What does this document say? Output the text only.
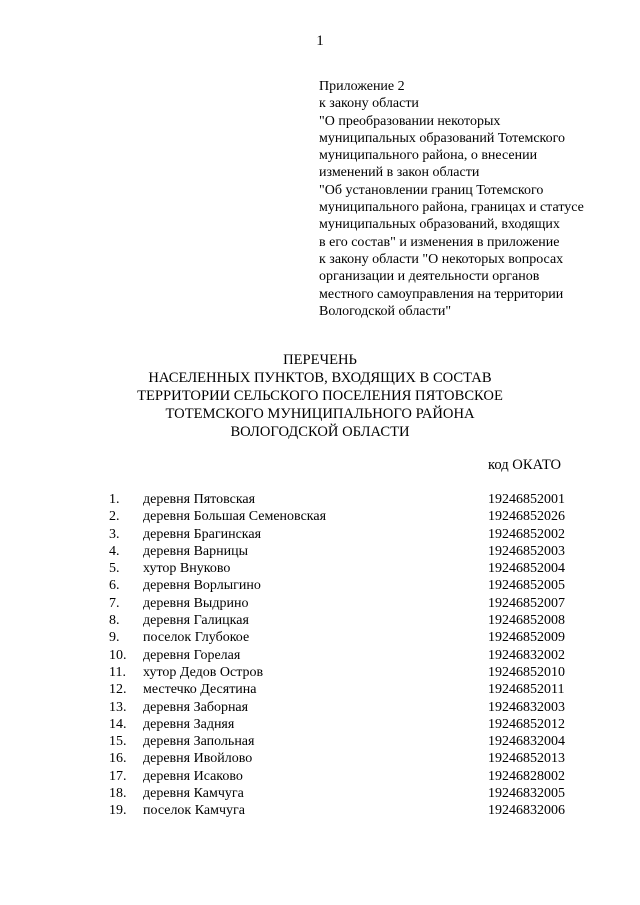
1
Приложение 2
к закону области
"О преобразовании некоторых
муниципальных образований Тотемского
муниципального района, о внесении
изменений в закон области
"Об установлении границ Тотемского
муниципального района, границах и статусе
муниципальных образований, входящих
в его состав" и изменения в приложение
к закону области "О некоторых вопросах
организации и деятельности органов
местного самоуправления на территории
Вологодской области"
ПЕРЕЧЕНЬ
НАСЕЛЕННЫХ ПУНКТОВ, ВХОДЯЩИХ В СОСТАВ
ТЕРРИТОРИИ СЕЛЬСКОГО ПОСЕЛЕНИЯ ПЯТОВСКОЕ
ТОТЕМСКОГО МУНИЦИПАЛЬНОГО РАЙОНА
ВОЛОГОДСКОЙ ОБЛАСТИ
код ОКАТО
1. деревня Пятовская	19246852001
2. деревня Большая Семеновская	19246852026
3. деревня Брагинская	19246852002
4. деревня Варницы	19246852003
5. хутор Внуково	19246852004
6. деревня Ворлыгино	19246852005
7. деревня Выдрино	19246852007
8. деревня Галицкая	19246852008
9. поселок Глубокое	19246852009
10. деревня Горелая	19246832002
11. хутор Дедов Остров	19246852010
12. местечко Десятина	19246852011
13. деревня Заборная	19246832003
14. деревня Задняя	19246852012
15. деревня Запольная	19246832004
16. деревня Ивойлово	19246852013
17. деревня Исаково	19246828002
18. деревня Камчуга	19246832005
19. поселок Камчуга	19246832006
